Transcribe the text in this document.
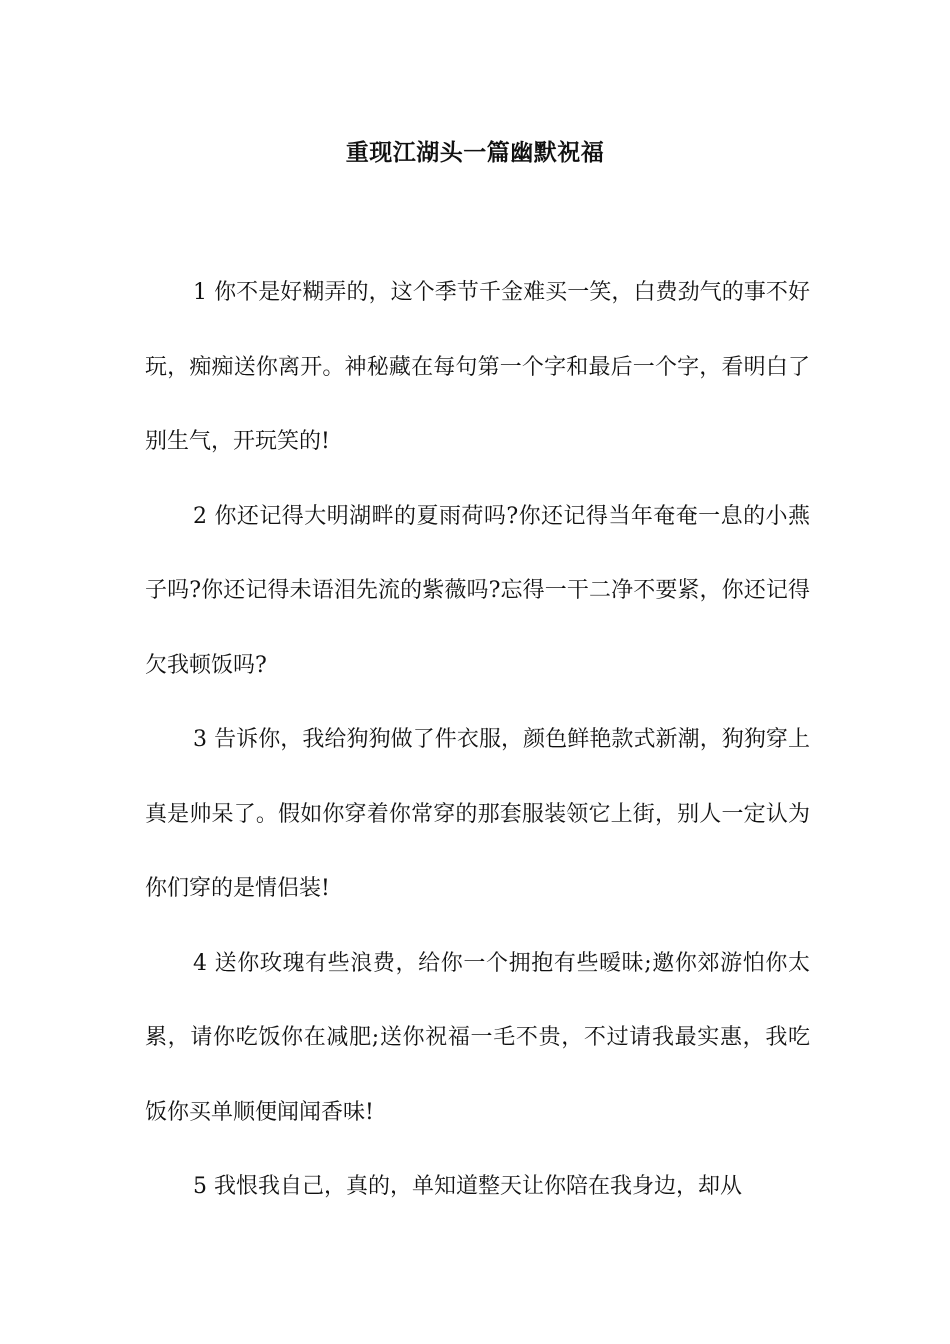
重现江湖头一篇幽默祝福

1 你不是好糊弄的，这个季节千金难买一笑，白费劲气的事不好玩，痴痴送你离开。神秘藏在每句第一个字和最后一个字，看明白了别生气，开玩笑的!

2 你还记得大明湖畔的夏雨荷吗?你还记得当年奄奄一息的小燕子吗?你还记得未语泪先流的紫薇吗?忘得一干二净不要紧，你还记得欠我顿饭吗?

3 告诉你，我给狗狗做了件衣服，颜色鲜艳款式新潮，狗狗穿上真是帅呆了。假如你穿着你常穿的那套服装领它上街，别人一定认为你们穿的是情侣装!

4 送你玫瑰有些浪费，给你一个拥抱有些暧昧;邀你郊游怕你太累，请你吃饭你在减肥;送你祝福一毛不贵，不过请我最实惠，我吃饭你买单顺便闻闻香味!

5 我恨我自己，真的，单知道整天让你陪在我身边，却从
